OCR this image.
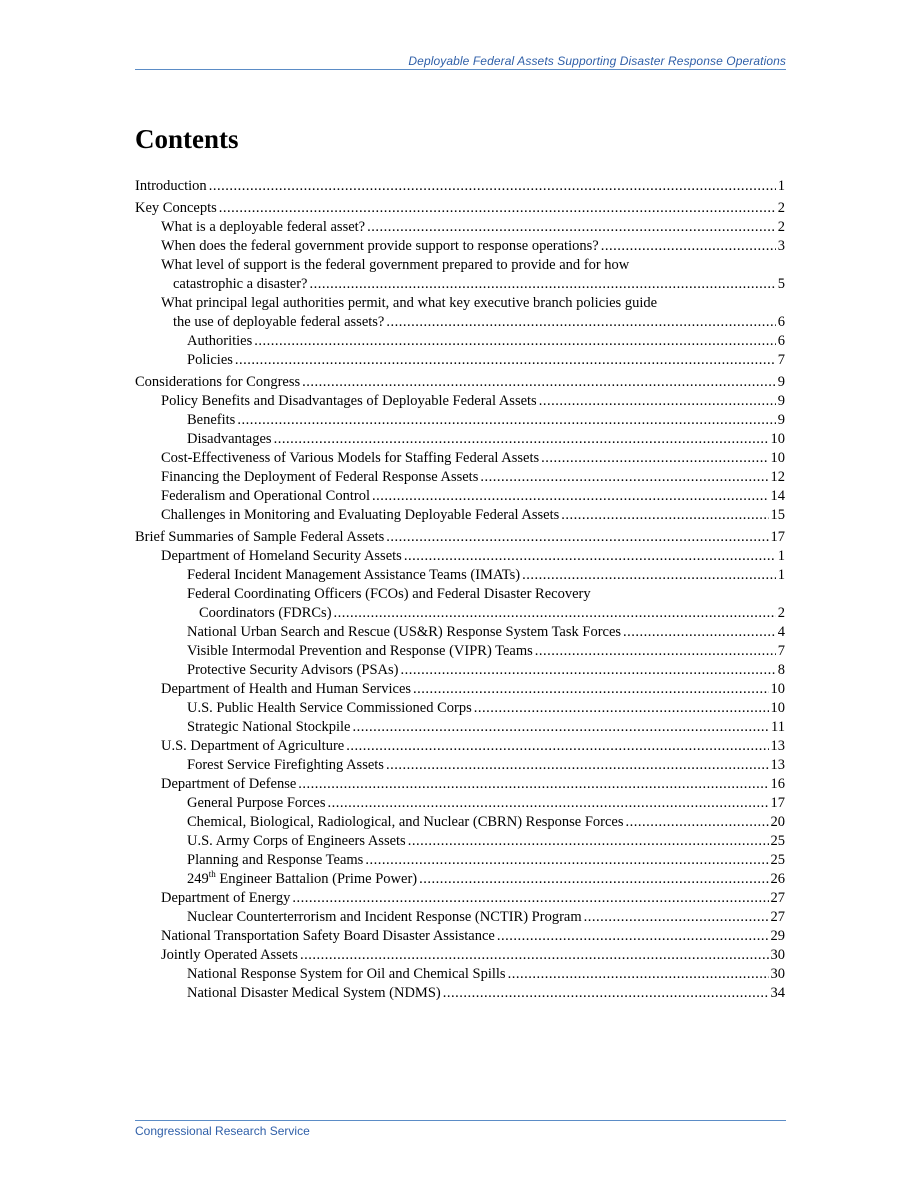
Deployable Federal Assets Supporting Disaster Response Operations
Contents
Introduction .....	1
Key Concepts .....	2
What is a deployable federal asset? .....	2
When does the federal government provide support to response operations? .....	3
What level of support is the federal government prepared to provide and for how
catastrophic a disaster? .....	5
What principal legal authorities permit, and what key executive branch policies guide
the use of deployable federal assets? .....	6
Authorities .....	6
Policies .....	7
Considerations for Congress .....	9
Policy Benefits and Disadvantages of Deployable Federal Assets .....	9
Benefits .....	9
Disadvantages .....	10
Cost-Effectiveness of Various Models for Staffing Federal Assets .....	10
Financing the Deployment of Federal Response Assets .....	12
Federalism and Operational Control .....	14
Challenges in Monitoring and Evaluating Deployable Federal Assets .....	15
Brief Summaries of Sample Federal Assets .....	17
Department of Homeland Security Assets .....	1
Federal Incident Management Assistance Teams (IMATs) .....	1
Federal Coordinating Officers (FCOs) and Federal Disaster Recovery
Coordinators (FDRCs) .....	2
National Urban Search and Rescue (US&R) Response System Task Forces .....	4
Visible Intermodal Prevention and Response (VIPR) Teams .....	7
Protective Security Advisors (PSAs) .....	8
Department of Health and Human Services .....	10
U.S. Public Health Service Commissioned Corps .....	10
Strategic National Stockpile .....	11
U.S. Department of Agriculture .....	13
Forest Service Firefighting Assets .....	13
Department of Defense .....	16
General Purpose Forces .....	17
Chemical, Biological, Radiological, and Nuclear (CBRN) Response Forces .....	20
U.S. Army Corps of Engineers Assets .....	25
Planning and Response Teams .....	25
249th Engineer Battalion (Prime Power) .....	26
Department of Energy .....	27
Nuclear Counterterrorism and Incident Response (NCTIR) Program .....	27
National Transportation Safety Board Disaster Assistance .....	29
Jointly Operated Assets .....	30
National Response System for Oil and Chemical Spills .....	30
National Disaster Medical System (NDMS) .....	34
Congressional Research Service
